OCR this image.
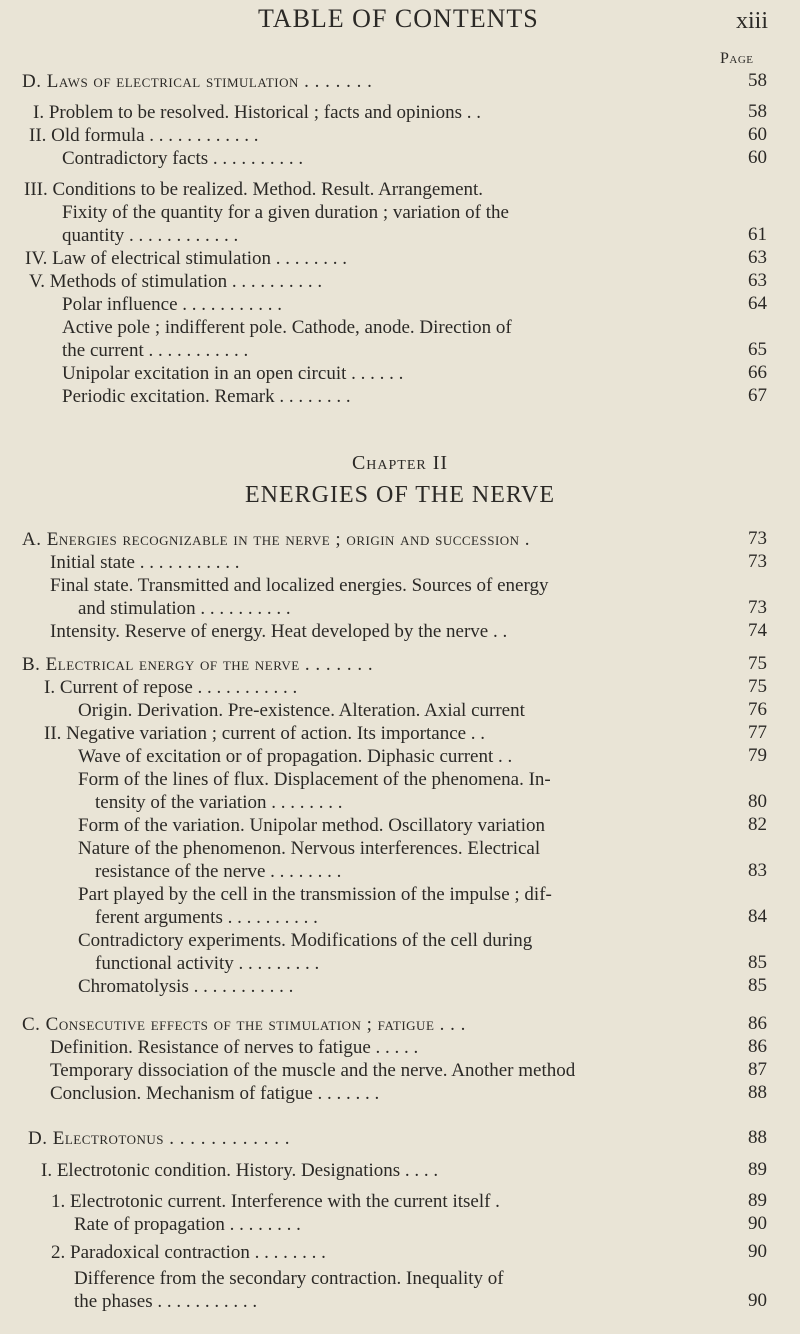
TABLE OF CONTENTS	xiii
Page
D. Laws of electrical stimulation . . . . . . .	58
I. Problem to be resolved. Historical ; facts and opinions . .	58
II. Old formula . . . . . . . . . . . .	60
Contradictory facts . . . . . . . . . .	60
III. Conditions to be realized. Method. Result. Arrangement.
Fixity of the quantity for a given duration ; variation of the
quantity . . . . . . . . . . . .	61
IV. Law of electrical stimulation . . . . . . . .	63
V. Methods of stimulation . . . . . . . . . .	63
Polar influence . . . . . . . . . . .	64
Active pole ; indifferent pole. Cathode, anode. Direction of
the current . . . . . . . . . . .	65
Unipolar excitation in an open circuit . . . . . .	66
Periodic excitation. Remark . . . . . . . .	67
Chapter II
ENERGIES OF THE NERVE
A. Energies recognizable in the nerve ; origin and succession .	73
Initial state . . . . . . . . . . .	73
Final state. Transmitted and localized energies. Sources of energy
and stimulation . . . . . . . . . .	73
Intensity. Reserve of energy. Heat developed by the nerve . .	74
B. Electrical energy of the nerve . . . . . . .	75
I. Current of repose . . . . . . . . . . .	75
Origin. Derivation. Pre-existence. Alteration. Axial current	76
II. Negative variation ; current of action. Its importance . .	77
Wave of excitation or of propagation. Diphasic current . .	79
Form of the lines of flux. Displacement of the phenomena. In-
tensity of the variation . . . . . . . .	80
Form of the variation. Unipolar method. Oscillatory variation	82
Nature of the phenomenon. Nervous interferences. Electrical
resistance of the nerve . . . . . . . .	83
Part played by the cell in the transmission of the impulse ; dif-
ferent arguments . . . . . . . . . .	84
Contradictory experiments. Modifications of the cell during
functional activity . . . . . . . . .	85
Chromatolysis . . . . . . . . . . .	85
C. Consecutive effects of the stimulation ; fatigue . . .	86
Definition. Resistance of nerves to fatigue . . . . .	86
Temporary dissociation of the muscle and the nerve. Another method	87
Conclusion. Mechanism of fatigue . . . . . . .	88
D. Electrotonus . . . . . . . . . . . .	88
I. Electrotonic condition. History. Designations . . . .	89
1. Electrotonic current. Interference with the current itself .	89
Rate of propagation . . . . . . . .	90
2. Paradoxical contraction . . . . . . . .	90
Difference from the secondary contraction. Inequality of
the phases . . . . . . . . . . .	90
